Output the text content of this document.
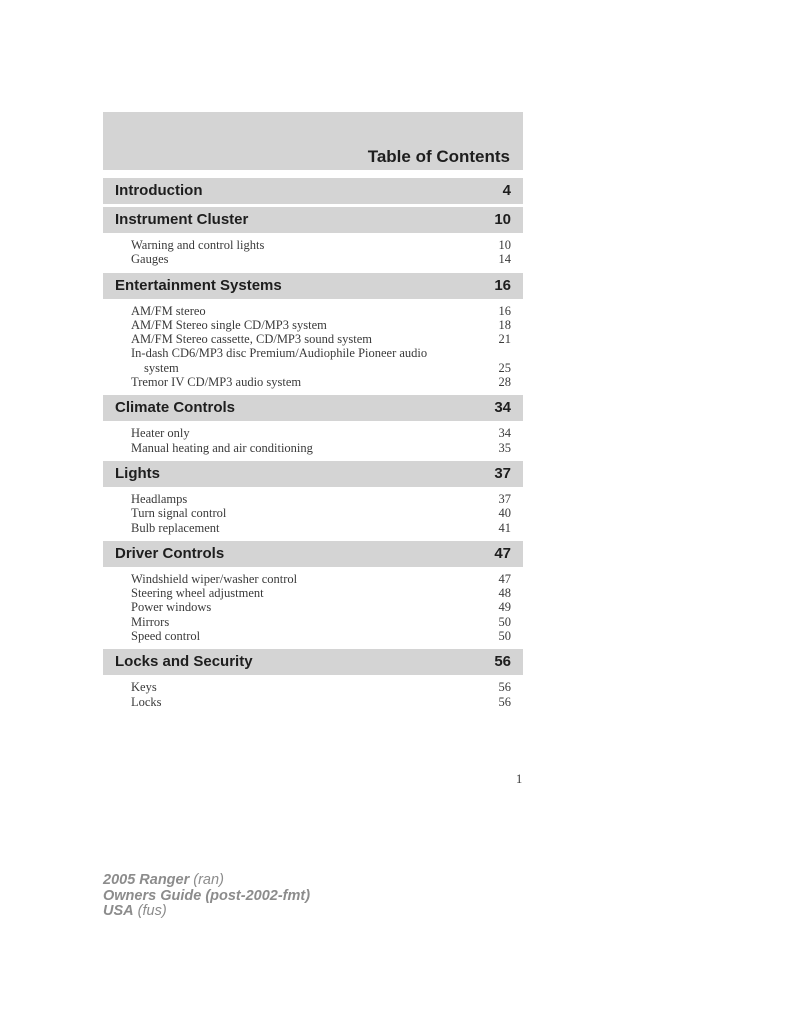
Table of Contents
Introduction	4
Instrument Cluster	10
Warning and control lights	10
Gauges	14
Entertainment Systems	16
AM/FM stereo	16
AM/FM Stereo single CD/MP3 system	18
AM/FM Stereo cassette, CD/MP3 sound system	21
In-dash CD6/MP3 disc Premium/Audiophile Pioneer audio
system	25
Tremor IV CD/MP3 audio system	28
Climate Controls	34
Heater only	34
Manual heating and air conditioning	35
Lights	37
Headlamps	37
Turn signal control	40
Bulb replacement	41
Driver Controls	47
Windshield wiper/washer control	47
Steering wheel adjustment	48
Power windows	49
Mirrors	50
Speed control	50
Locks and Security	56
Keys	56
Locks	56
1
2005 Ranger (ran)
Owners Guide (post-2002-fmt)
USA (fus)
